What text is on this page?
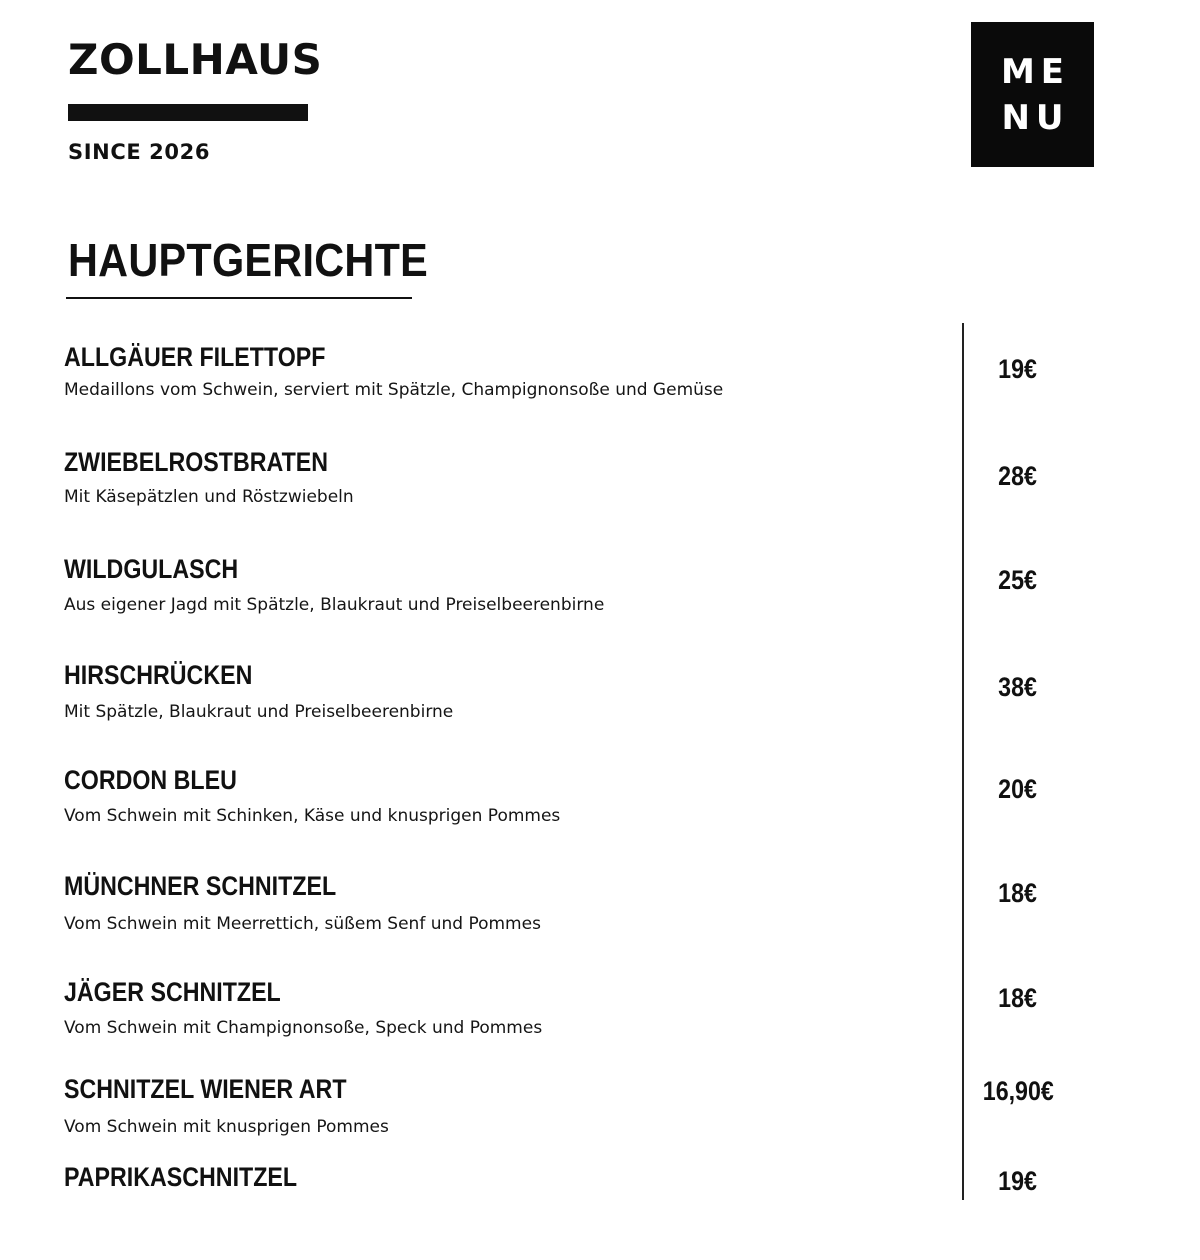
ZOLLHAUS
SINCE 2026
ME
NU
HAUPTGERICHTE
ALLGÄUER FILETTOPF
Medaillons vom Schwein, serviert mit Spätzle, Champignonsoße und Gemüse
19€
ZWIEBELROSTBRATEN
Mit Käsepätzlen und Röstzwiebeln
28€
WILDGULASCH
Aus eigener Jagd mit Spätzle, Blaukraut und Preiselbeerenbirne
25€
HIRSCHRÜCKEN
Mit Spätzle, Blaukraut und Preiselbeerenbirne
38€
CORDON BLEU
Vom Schwein mit Schinken, Käse und knusprigen Pommes
20€
MÜNCHNER SCHNITZEL
Vom Schwein mit Meerrettich, süßem Senf und Pommes
18€
JÄGER SCHNITZEL
Vom Schwein mit Champignonsoße, Speck und Pommes
18€
SCHNITZEL WIENER ART
Vom Schwein mit knusprigen Pommes
16,90€
PAPRIKASCHNITZEL	19€
